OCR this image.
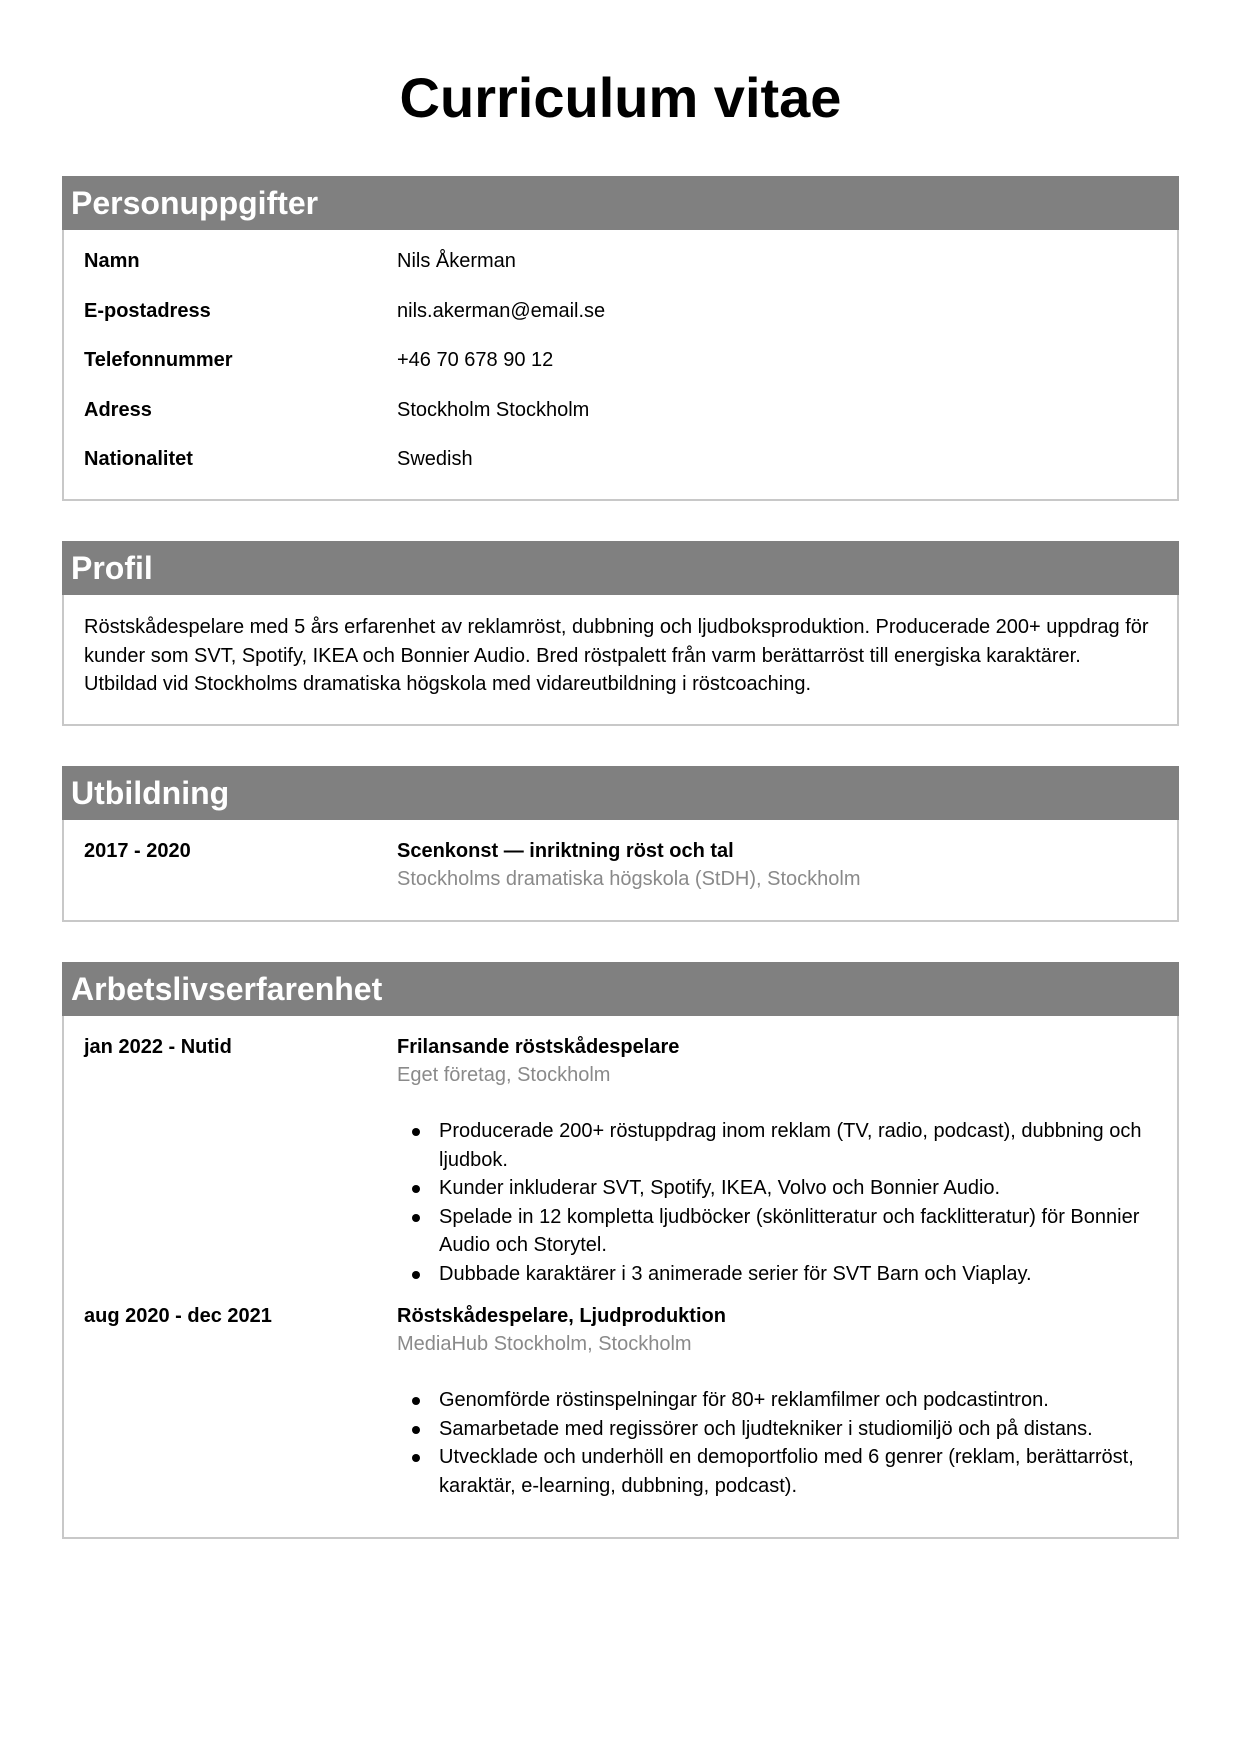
Curriculum vitae
Personuppgifter
Namn	Nils Åkerman
E-postadress	nils.akerman@email.se
Telefonnummer	+46 70 678 90 12
Adress	Stockholm Stockholm
Nationalitet	Swedish
Profil

Röstskådespelare med 5 års erfarenhet av reklamröst, dubbning och ljudboksproduktion. Producerade 200+ uppdrag för kunder som SVT, Spotify, IKEA och Bonnier Audio. Bred röstpalett från varm berättarröst till energiska karaktärer. Utbildad vid Stockholms dramatiska högskola med vidareutbildning i röstcoaching.

Utbildning
2017 - 2020	Scenkonst — inriktning röst och tal
Stockholms dramatiska högskola (StDH), Stockholm
Arbetslivserfarenhet
jan 2022 - Nutid	Frilansande röstskådespelare
Eget företag, Stockholm
Producerade 200+ röstuppdrag inom reklam (TV, radio, podcast), dubbning och ljudbok.
Kunder inkluderar SVT, Spotify, IKEA, Volvo och Bonnier Audio.
Spelade in 12 kompletta ljudböcker (skönlitteratur och facklitteratur) för Bonnier Audio och Storytel.
Dubbade karaktärer i 3 animerade serier för SVT Barn och Viaplay.
aug 2020 - dec 2021	Röstskådespelare, Ljudproduktion
MediaHub Stockholm, Stockholm
Genomförde röstinspelningar för 80+ reklamfilmer och podcastintron.
Samarbetade med regissörer och ljudtekniker i studiomiljö och på distans.
Utvecklade och underhöll en demoportfolio med 6 genrer (reklam, berättarröst, karaktär, e-learning, dubbning, podcast).
